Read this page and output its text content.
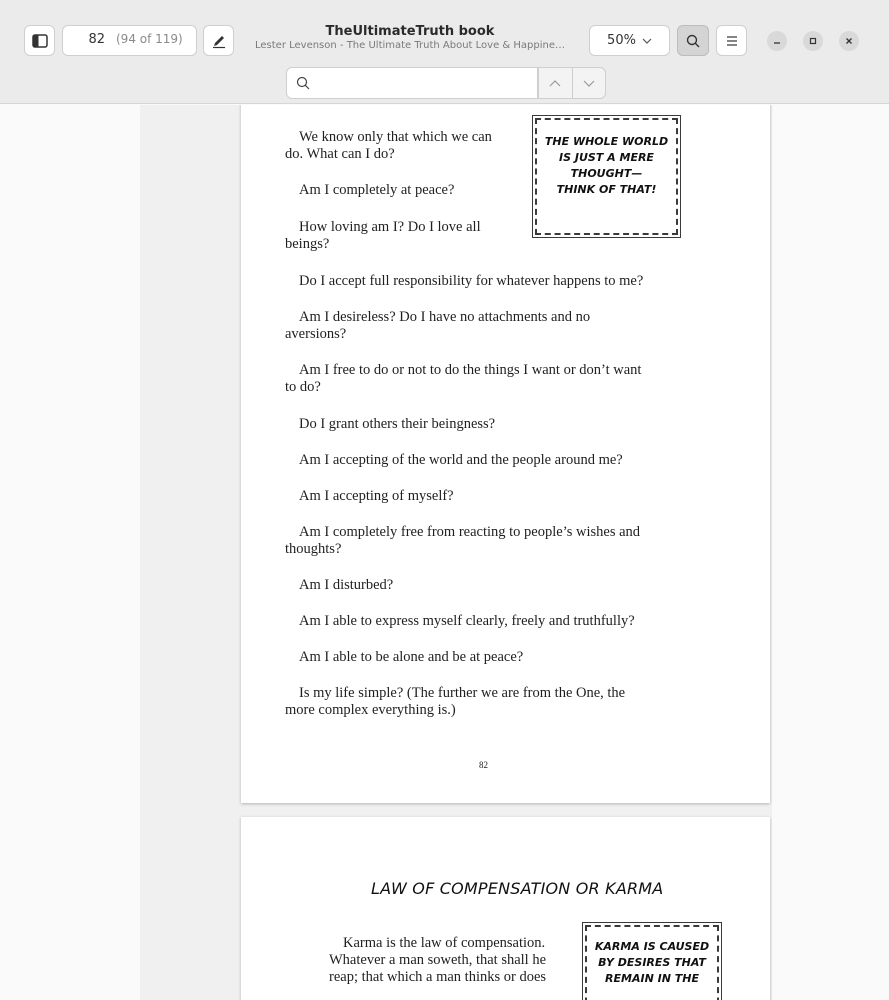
82 (94 of 119)	TheUltimateTruth book
Lester Levenson - The Ultimate Truth About Love & Happine…	50%
We know only that which we can
do. What can I do?
Am I completely at peace?
How loving am I? Do I love all
beings?
Do I accept full responsibility for whatever happens to me?
Am I desireless? Do I have no attachments and no
aversions?
Am I free to do or not to do the things I want or don’t want
to do?
Do I grant others their beingness?
Am I accepting of the world and the people around me?
Am I accepting of myself?
Am I completely free from reacting to people’s wishes and
thoughts?
Am I disturbed?
Am I able to express myself clearly, freely and truthfully?
Am I able to be alone and be at peace?
Is my life simple? (The further we are from the One, the
more complex everything is.)
THE WHOLE WORLD
IS JUST A MERE
THOUGHT—
THINK OF THAT!
82
LAW OF COMPENSATION OR KARMA
Karma is the law of compensation.
Whatever a man soweth, that shall he
reap; that which a man thinks or does
KARMA IS CAUSED
BY DESIRES THAT
REMAIN IN THE
